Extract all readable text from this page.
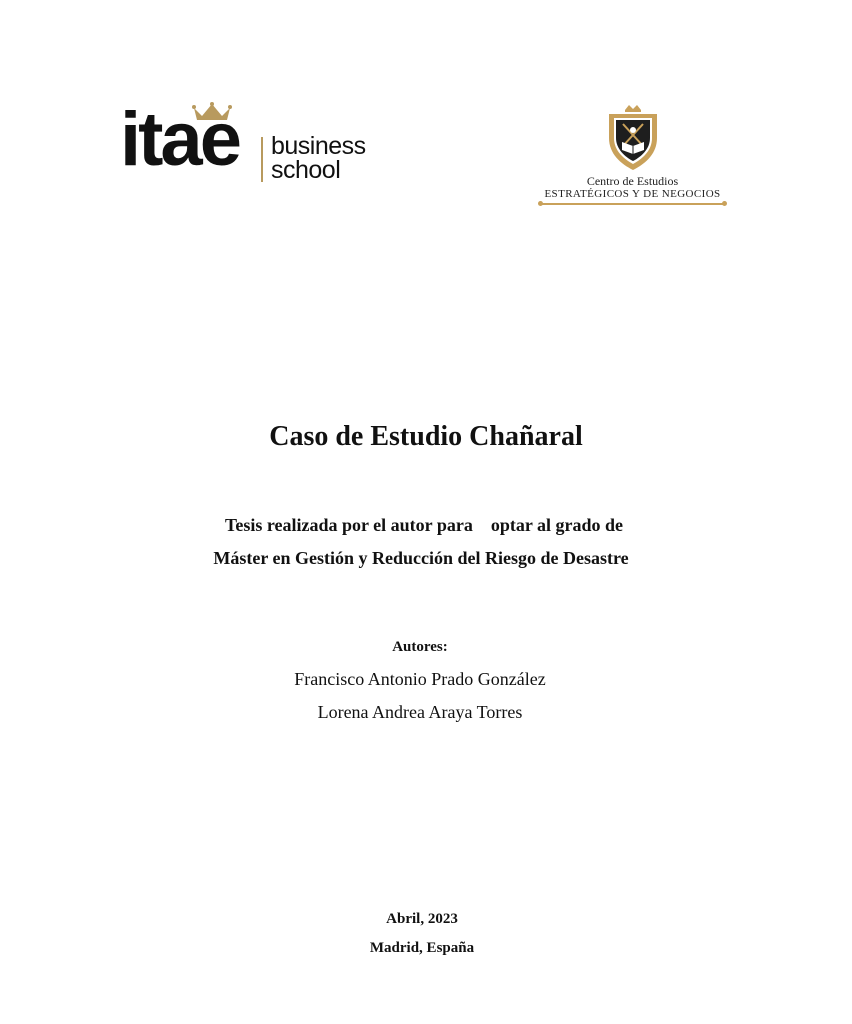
itae business
school	Centro de Estudios
ESTRATÉGICOS Y DE NEGOCIOS
Caso de Estudio Chañaral
Tesis realizada por el autor para    optar al grado de
Máster en Gestión y Reducción del Riesgo de Desastre
Autores:
Francisco Antonio Prado González
Lorena Andrea Araya Torres
Abril, 2023
Madrid, España
